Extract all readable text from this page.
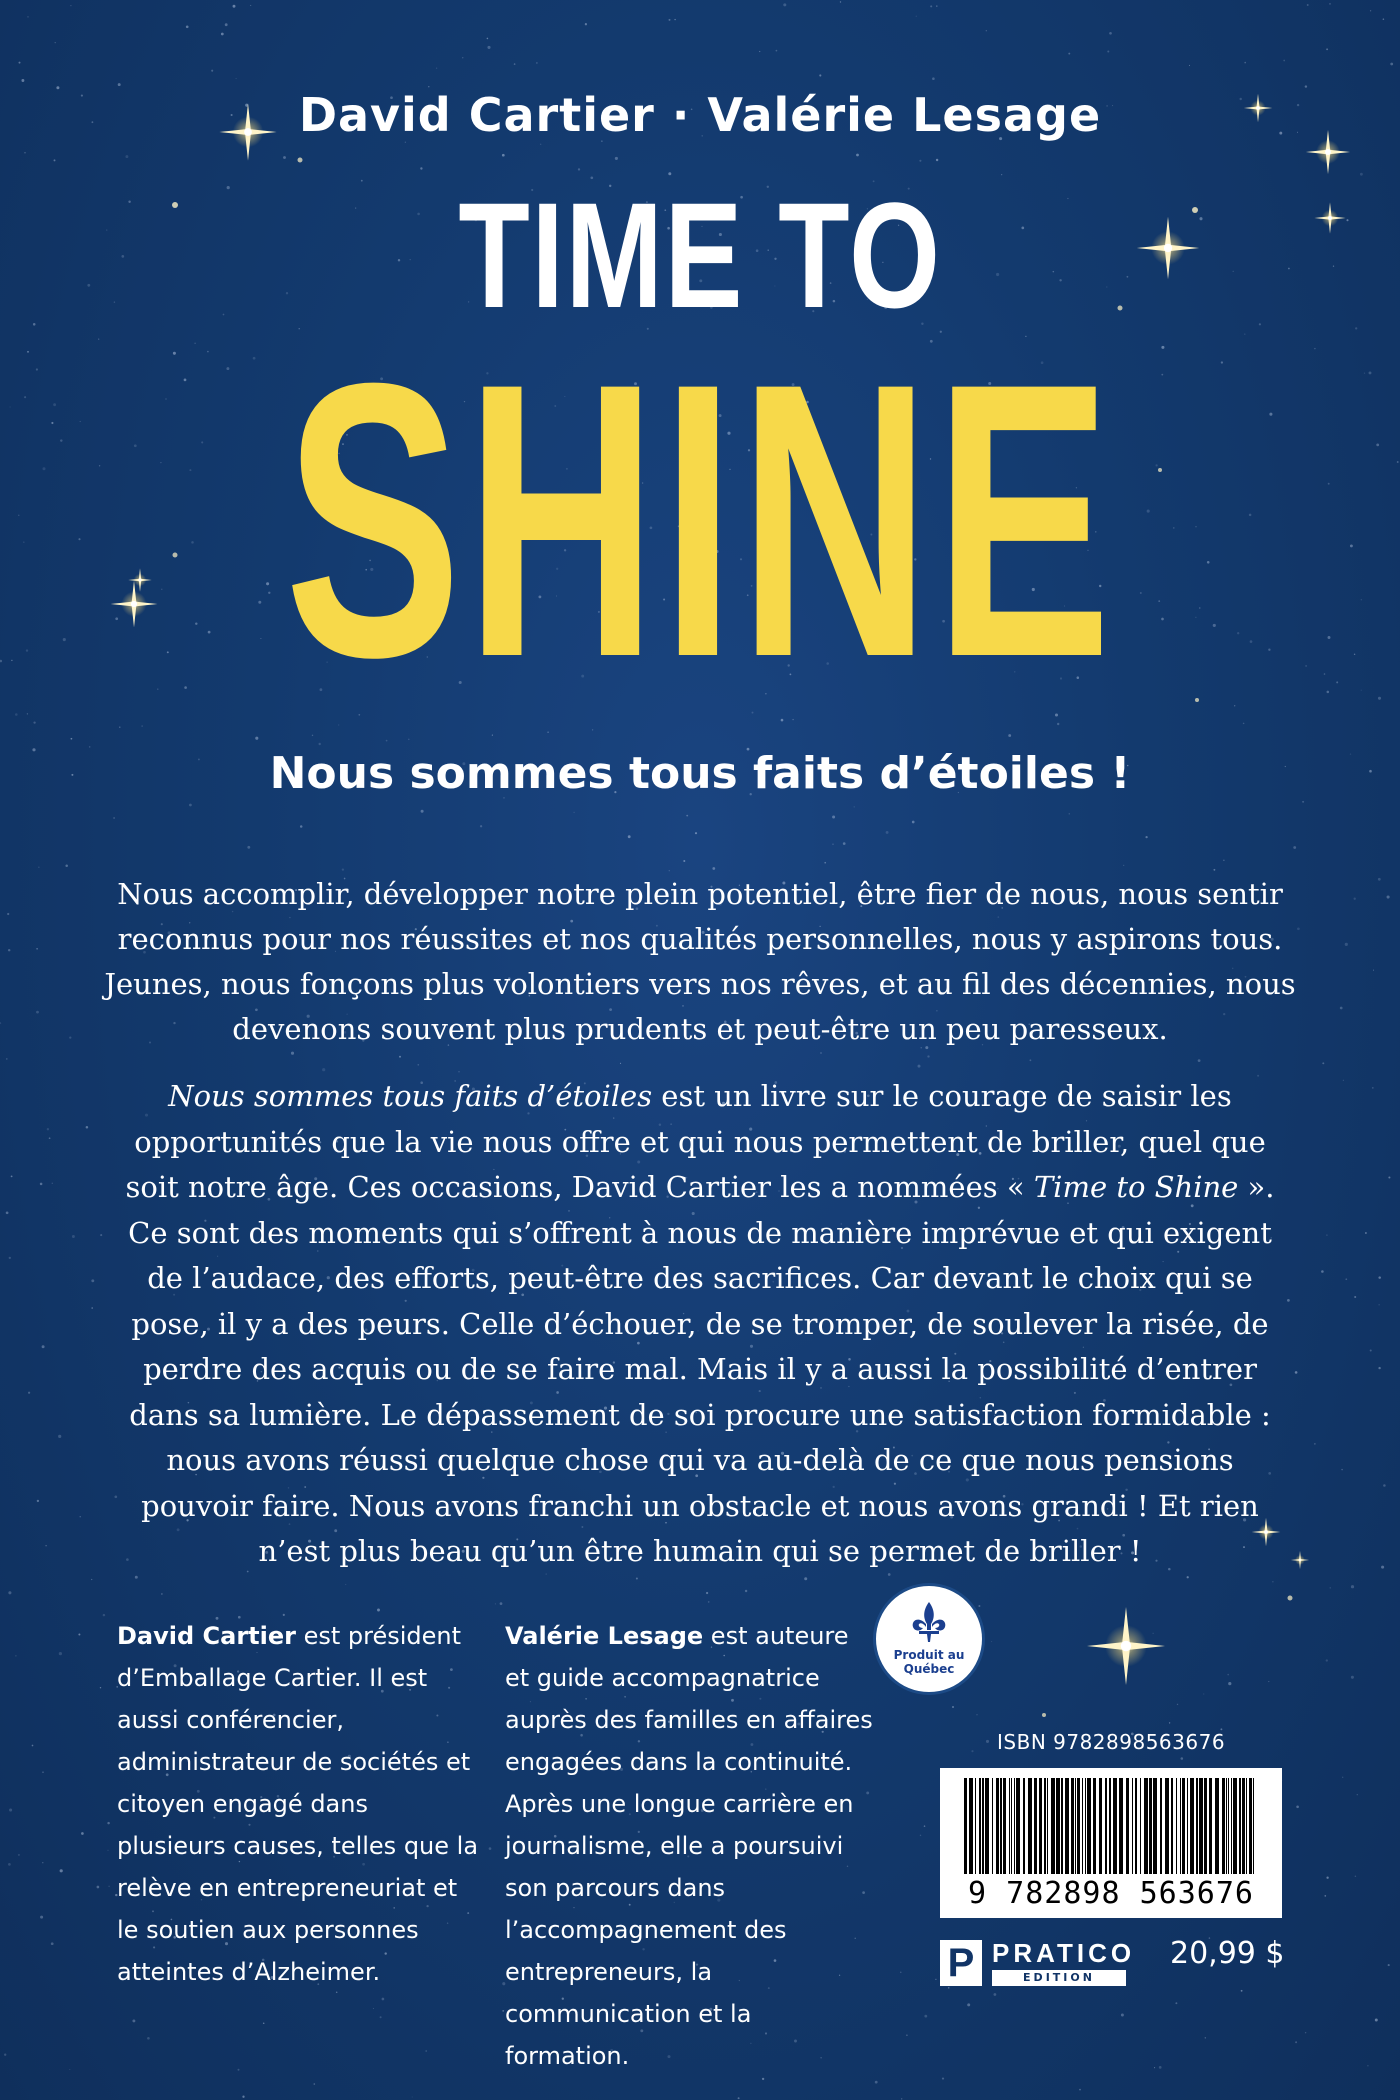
David Cartier · Valérie Lesage
TIME TO
SHINE
Nous sommes tous faits d’étoiles !
Nous accomplir, développer notre plein potentiel, être fier de nous, nous sentir reconnus pour nos réussites et nos qualités personnelles, nous y aspirons tous. Jeunes, nous fonçons plus volontiers vers nos rêves, et au fil des décennies, nous devenons souvent plus prudents et peut-être un peu paresseux.
Nous sommes tous faits d’étoiles est un livre sur le courage de saisir les opportunités que la vie nous offre et qui nous permettent de briller, quel que soit notre âge. Ces occasions, David Cartier les a nommées « Time to Shine ». Ce sont des moments qui s’offrent à nous de manière imprévue et qui exigent de l’audace, des efforts, peut-être des sacrifices. Car devant le choix qui se pose, il y a des peurs. Celle d’échouer, de se tromper, de soulever la risée, de perdre des acquis ou de se faire mal. Mais il y a aussi la possibilité d’entrer dans sa lumière. Le dépassement de soi procure une satisfaction formidable : nous avons réussi quelque chose qui va au-delà de ce que nous pensions pouvoir faire. Nous avons franchi un obstacle et nous avons grandi ! Et rien n’est plus beau qu’un être humain qui se permet de briller !
David Cartier est président d’Emballage Cartier. Il est aussi conférencier, administrateur de sociétés et citoyen engagé dans plusieurs causes, telles que la relève en entrepreneuriat et le soutien aux personnes atteintes d’Alzheimer.
Valérie Lesage est auteure et guide accompagnatrice auprès des familles en affaires engagées dans la continuité. Après une longue carrière en journalisme, elle a poursuivi son parcours dans l’accompagnement des entrepreneurs, la communication et la formation.
Produit au
Québec
ISBN 9782898563676
9 782898 563676
P PRATICO
EDITION
20,99 $
